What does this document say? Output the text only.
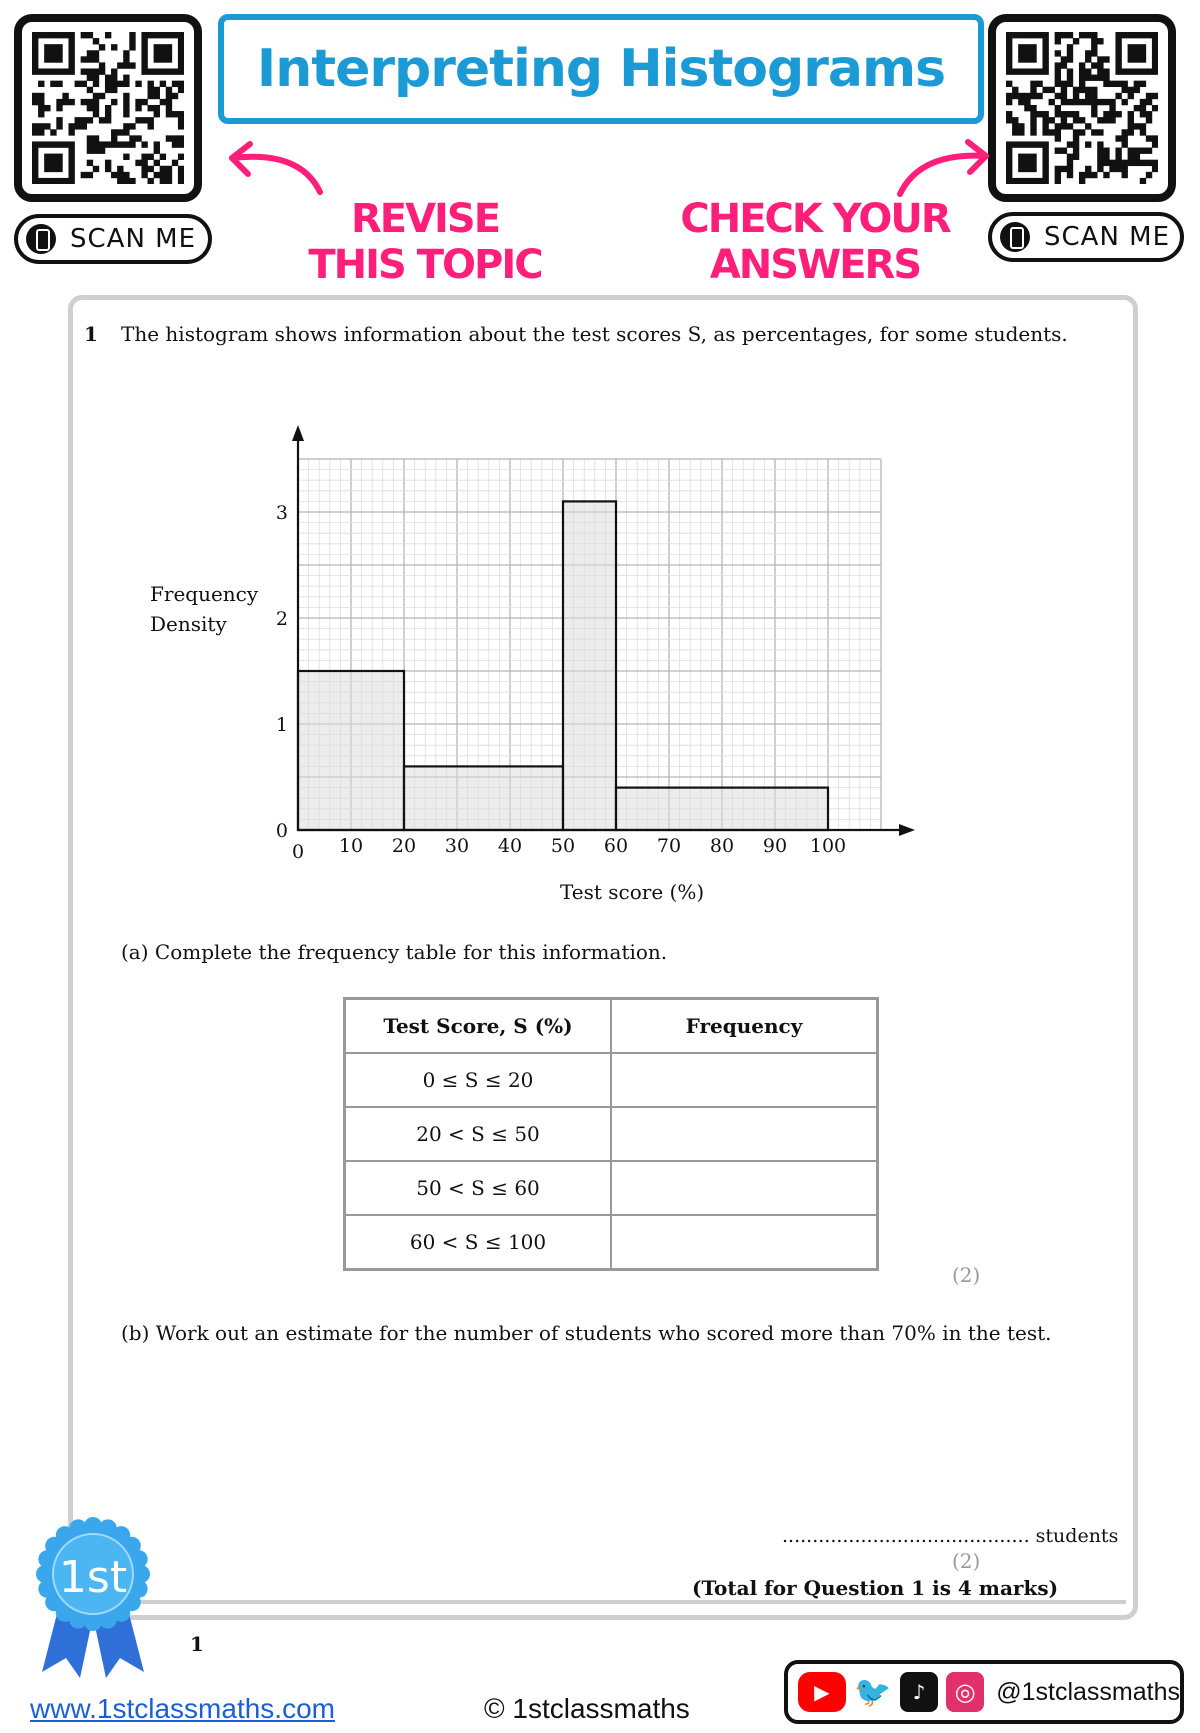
SCAN ME	SCAN ME
Interpreting Histograms
REVISE THIS TOPIC
CHECK YOUR ANSWERS
1 The histogram shows information about the test scores S, as percentages, for some students.
0 10 20 30 40 50 60 70 80 90 100
0
1
2
3
Frequency Density
Test score (%)
(a) Complete the frequency table for this information.
Test Score, S (%)	Frequency
0 ≤ S ≤ 20	
20 < S ≤ 50	
50 < S ≤ 60	
60 < S ≤ 100	
(2)
(b) Work out an estimate for the number of students who scored more than 70% in the test.
......................................... students
(2)
(Total for Question 1 is 4 marks)
1st
1
www.1stclassmaths.com	© 1stclassmaths
▶ 🐦	♪	◎ @1stclassmaths
